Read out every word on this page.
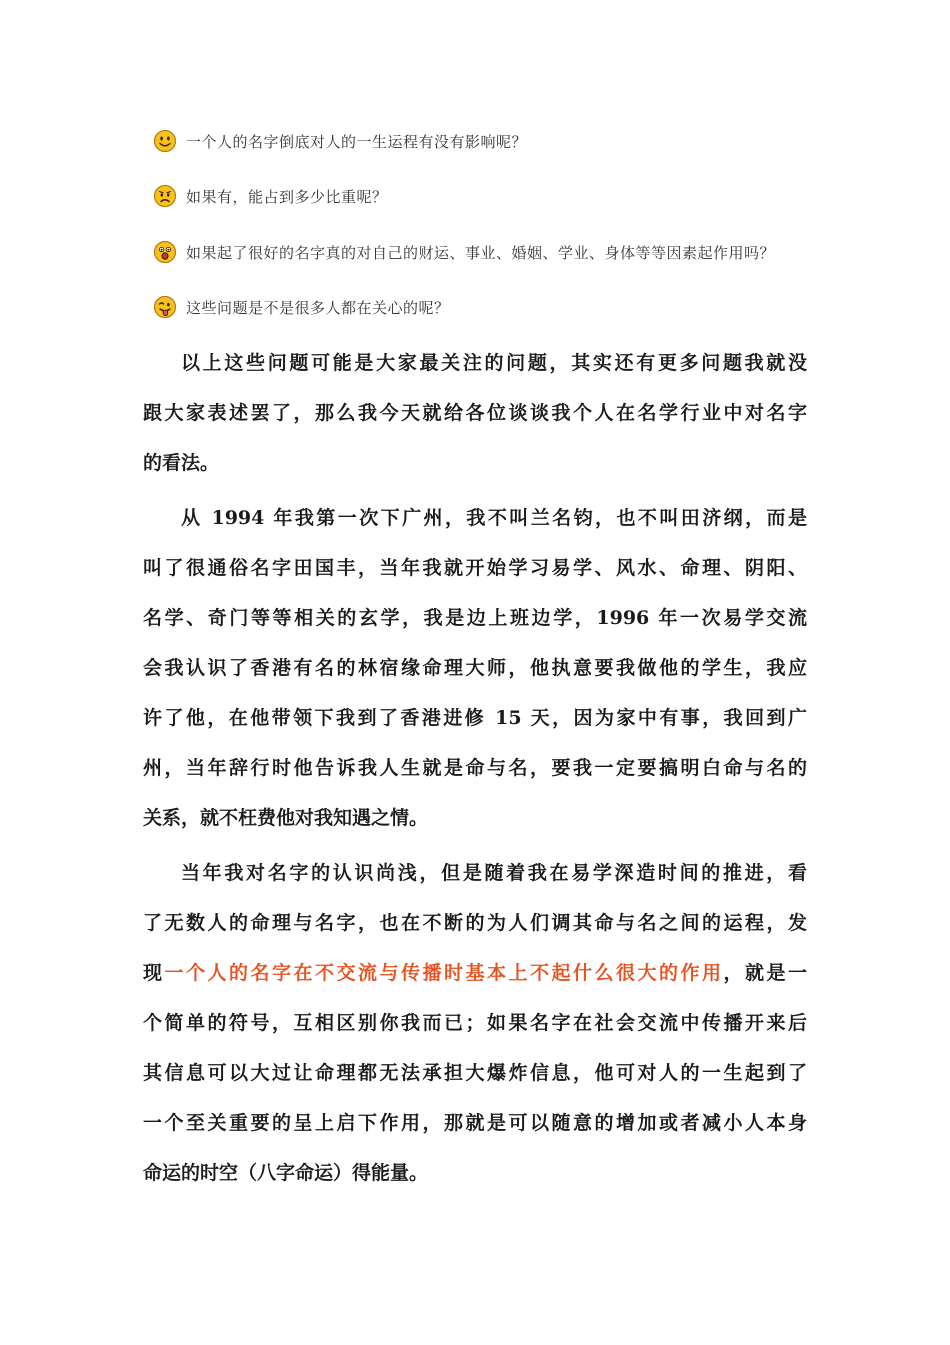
一个人的名字倒底对人的一生运程有没有影响呢？
如果有，能占到多少比重呢？
如果起了很好的名字真的对自己的财运、事业、婚姻、学业、身体等等因素起作用吗？
这些问题是不是很多人都在关心的呢？
以上这些问题可能是大家最关注的问题，其实还有更多问题我就没
跟大家表述罢了，那么我今天就给各位谈谈我个人在名学行业中对名字
的看法。
从 1994 年我第一次下广州，我不叫兰名钧，也不叫田济纲，而是
叫了很通俗名字田国丰，当年我就开始学习易学、风水、命理、阴阳、
名学、奇门等等相关的玄学，我是边上班边学，1996 年一次易学交流
会我认识了香港有名的林宿缘命理大师，他执意要我做他的学生，我应
许了他，在他带领下我到了香港进修 15 天，因为家中有事，我回到广
州，当年辞行时他告诉我人生就是命与名，要我一定要搞明白命与名的
关系，就不枉费他对我知遇之情。
当年我对名字的认识尚浅，但是随着我在易学深造时间的推进，看
了无数人的命理与名字，也在不断的为人们调其命与名之间的运程，发
现一个人的名字在不交流与传播时基本上不起什么很大的作用，就是一
个简单的符号，互相区别你我而已；如果名字在社会交流中传播开来后
其信息可以大过让命理都无法承担大爆炸信息，他可对人的一生起到了
一个至关重要的呈上启下作用，那就是可以随意的增加或者减小人本身
命运的时空（八字命运）得能量。
